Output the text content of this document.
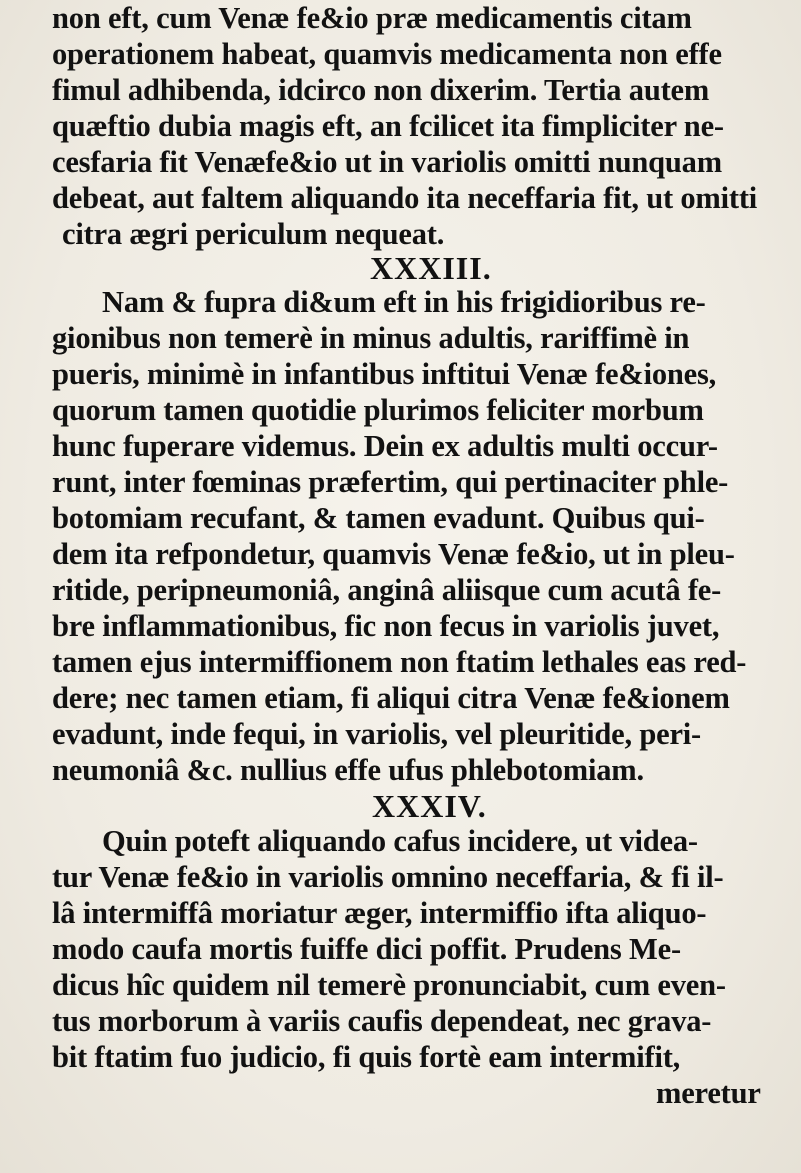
non eft, cum Venæ fe&io præ medicamentis citam
operationem habeat, quamvis medicamenta non effe
fimul adhibenda, idcirco non dixerim. Tertia autem
quæftio dubia magis eft, an fcilicet ita fimpliciter ne-
cesfaria fit Venæfe&io ut in variolis omitti nunquam
debeat, aut faltem aliquando ita neceffaria fit, ut omitti
citra ægri periculum nequeat.
XXXIII.
Nam & fupra di&um eft in his frigidioribus re-
gionibus non temerè in minus adultis, rariffimè in
pueris, minimè in infantibus inftitui Venæ fe&iones,
quorum tamen quotidie plurimos feliciter morbum
hunc fuperare videmus. Dein ex adultis multi occur-
runt, inter fœminas præfertim, qui pertinaciter phle-
botomiam recufant, & tamen evadunt. Quibus qui-
dem ita refpondetur, quamvis Venæ fe&io, ut in pleu-
ritide, peripneumoniâ, anginâ aliisque cum acutâ fe-
bre inflammationibus, fic non fecus in variolis juvet,
tamen ejus intermiffionem non ftatim lethales eas red-
dere; nec tamen etiam, fi aliqui citra Venæ fe&ionem
evadunt, inde fequi, in variolis, vel pleuritide, peri-
neumoniâ &c. nullius effe ufus phlebotomiam.
XXXIV.
Quin poteft aliquando cafus incidere, ut videa-
tur Venæ fe&io in variolis omnino neceffaria, & fi il-
lâ intermiffâ moriatur æger, intermiffio ifta aliquo-
modo caufa mortis fuiffe dici poffit. Prudens Me-
dicus hîc quidem nil temerè pronunciabit, cum even-
tus morborum à variis caufis dependeat, nec grava-
bit ftatim fuo judicio, fi quis fortè eam intermifit,
meretur
